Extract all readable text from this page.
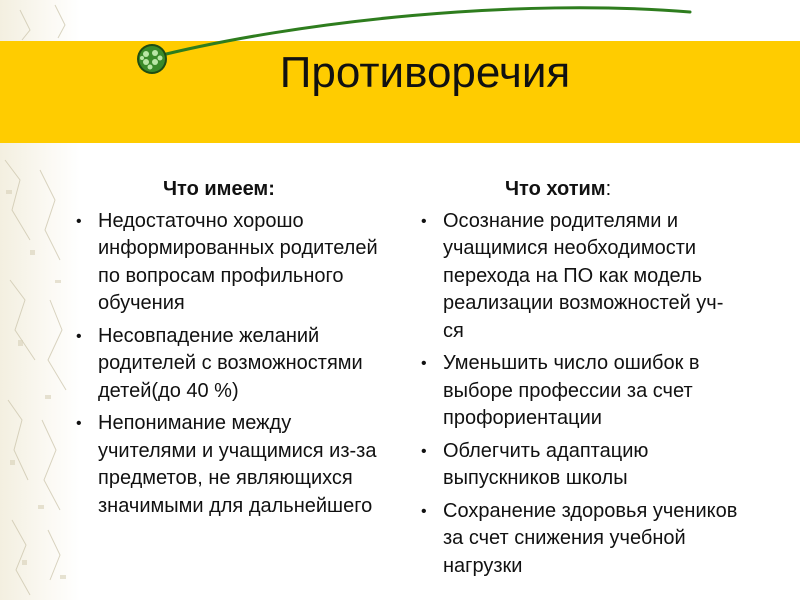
Противоречия
Что имеем:
• Недостаточно хорошо информированных родителей по вопросам профильного обучения
• Несовпадение желаний родителей с возможностями детей(до 40 %)
• Непонимание между учителями и учащимися из-за предметов, не являющихся значимыми для дальнейшего
Что хотим:
• Осознание родителями и учащимися необходимости перехода на ПО как модель реализации возможностей уч-ся
• Уменьшить число ошибок в выборе профессии за счет профориентации
• Облегчить адаптацию выпускников школы
• Сохранение здоровья учеников за счет снижения учебной нагрузки
